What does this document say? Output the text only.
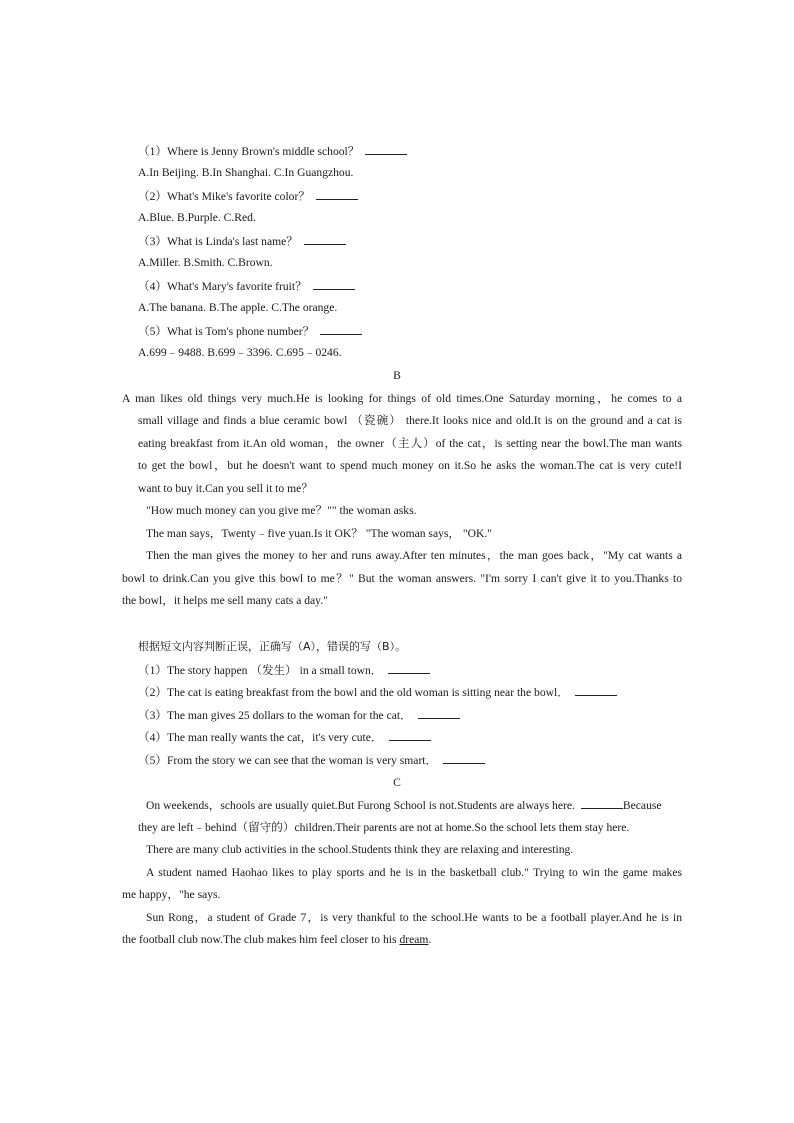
（1）Where is Jenny Brown's middle school？
A.In Beijing. B.In Shanghai. C.In Guangzhou.
（2）What's Mike's favorite color？
A.Blue. B.Purple. C.Red.
（3）What is Linda's last name？
A.Miller. B.Smith. C.Brown.
（4）What's Mary's favorite fruit？
A.The banana. B.The apple. C.The orange.
（5）What is Tom's phone number？
A.699﹣9488. B.699﹣3396. C.695﹣0246.
B
A man likes old things very much.He is looking for things of old times.One Saturday morning，he comes to a
small village and finds a blue ceramic bowl （瓷碗） there.It looks nice and old.It is on the ground and a cat is
eating breakfast from it.An old woman，the owner（主人）of the cat，is setting near the bowl.The man wants
to get the bowl，but he doesn't want to spend much money on it.So he asks the woman.The cat is very cute!I
want to buy it.Can you sell it to me？
"How much money can you give me？"" the woman asks.
The man says，Twenty﹣five yuan.Is it OK？ "The woman says， "OK."
Then the man gives the money to her and runs away.After ten minutes，the man goes back，"My cat wants a
bowl to drink.Can you give this bowl to me？" But the woman answers. "I'm sorry I can't give it to you.Thanks to
the bowl，it helps me sell many cats a day."
根据短文内容判断正误，正确写（A），错误的写（B）。
（1）The story happen （发生） in a small town．
（2）The cat is eating breakfast from the bowl and the old woman is sitting near the bowl．
（3）The man gives 25 dollars to the woman for the cat．
（4）The man really wants the cat，it's very cute．
（5）From the story we can see that the woman is very smart．
C
On weekends，schools are usually quiet.But Furong School is not.Students are always here.	Because
they are left﹣behind（留守的）children.Their parents are not at home.So the school lets them stay here.
There are many club activities in the school.Students think they are relaxing and interesting.
A student named Haohao likes to play sports and he is in the basketball club." Trying to win the game makes
me happy，"he says.
Sun Rong，a student of Grade 7，is very thankful to the school.He wants to be a football player.And he is in
the football club now.The club makes him feel closer to his dream.
